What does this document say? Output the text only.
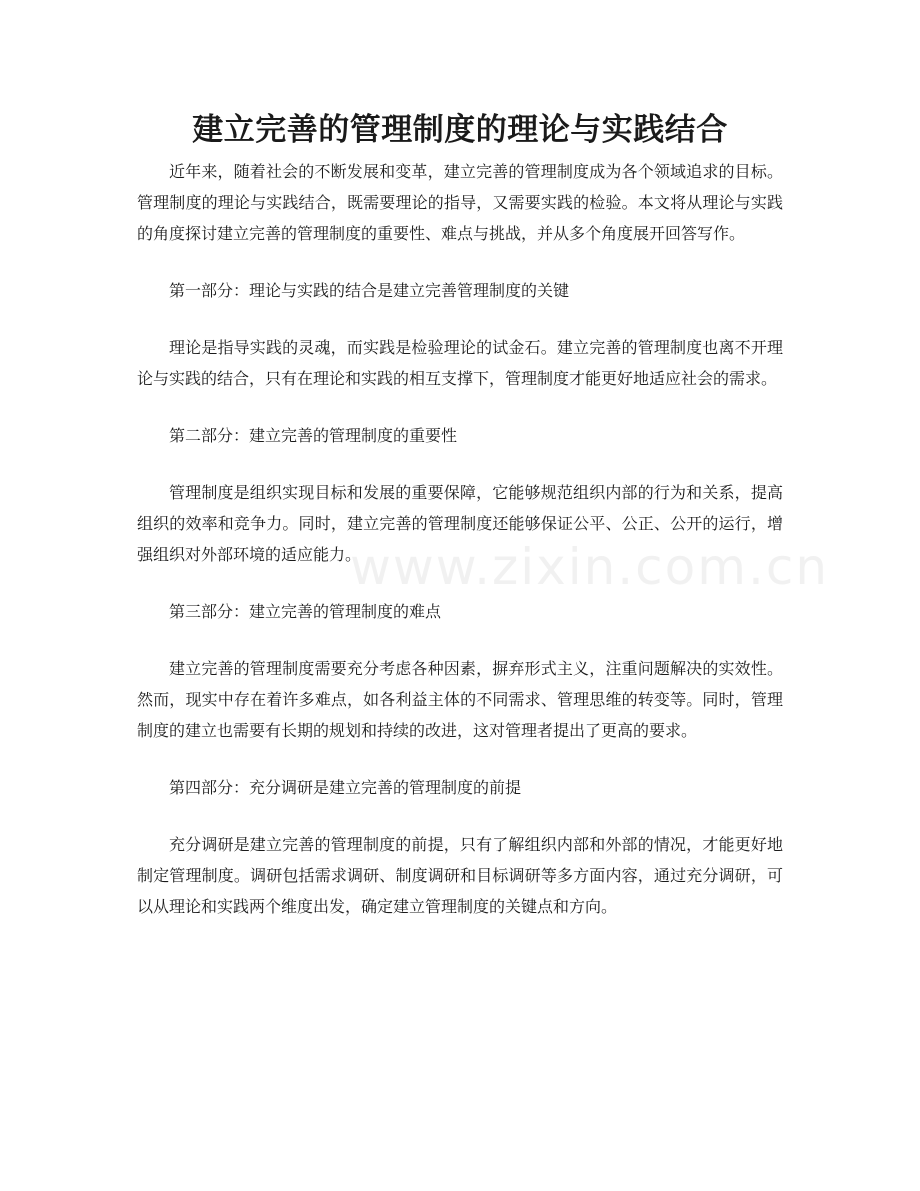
建立完善的管理制度的理论与实践结合
www.zixin.com.cn

近年来，随着社会的不断发展和变革，建立完善的管理制度成为各个领域追求的目标。管理制度的理论与实践结合，既需要理论的指导，又需要实践的检验。本文将从理论与实践的角度探讨建立完善的管理制度的重要性、难点与挑战，并从多个角度展开回答写作。

第一部分：理论与实践的结合是建立完善管理制度的关键

理论是指导实践的灵魂，而实践是检验理论的试金石。建立完善的管理制度也离不开理论与实践的结合，只有在理论和实践的相互支撑下，管理制度才能更好地适应社会的需求。

第二部分：建立完善的管理制度的重要性

管理制度是组织实现目标和发展的重要保障，它能够规范组织内部的行为和关系，提高组织的效率和竞争力。同时，建立完善的管理制度还能够保证公平、公正、公开的运行，增强组织对外部环境的适应能力。

第三部分：建立完善的管理制度的难点

建立完善的管理制度需要充分考虑各种因素，摒弃形式主义，注重问题解决的实效性。然而，现实中存在着许多难点，如各利益主体的不同需求、管理思维的转变等。同时，管理制度的建立也需要有长期的规划和持续的改进，这对管理者提出了更高的要求。

第四部分：充分调研是建立完善的管理制度的前提

充分调研是建立完善的管理制度的前提，只有了解组织内部和外部的情况，才能更好地制定管理制度。调研包括需求调研、制度调研和目标调研等多方面内容，通过充分调研，可以从理论和实践两个维度出发，确定建立管理制度的关键点和方向。
